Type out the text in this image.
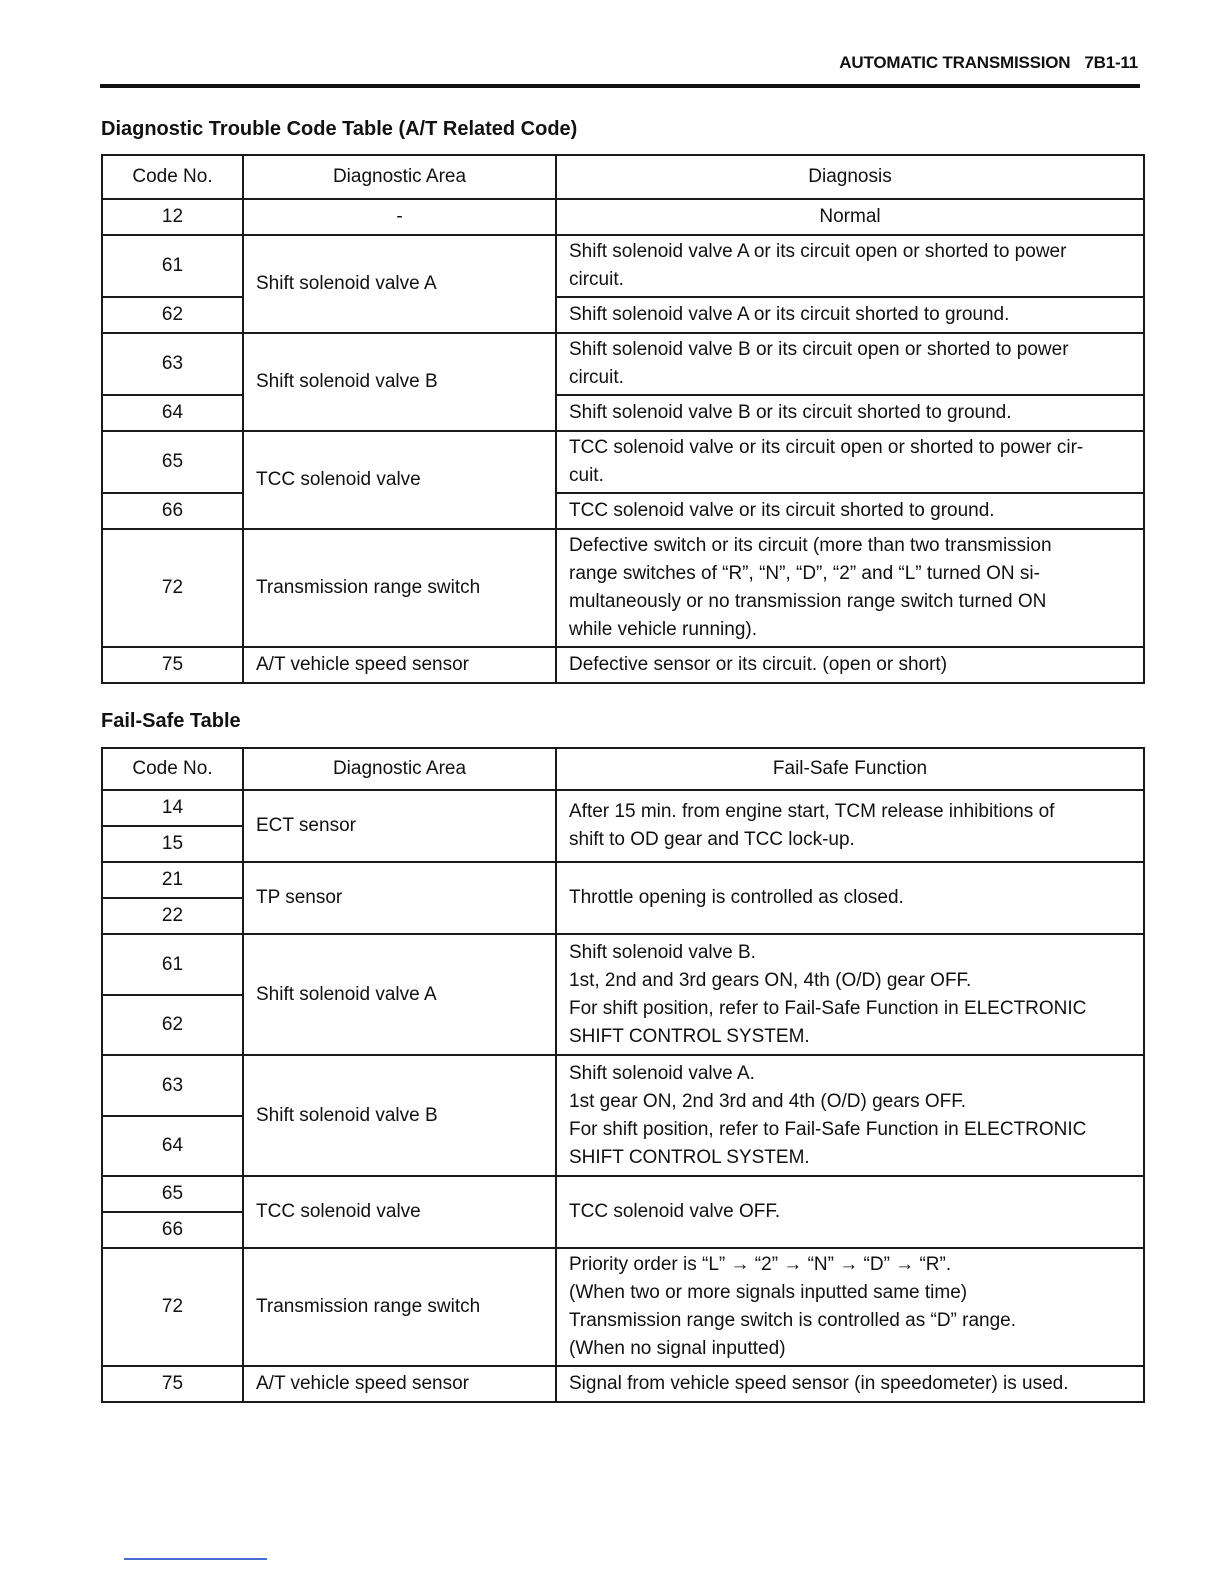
AUTOMATIC TRANSMISSION 7B1-11
Diagnostic Trouble Code Table (A/T Related Code)
Code No.	Diagnostic Area	Diagnosis
12	-	Normal

61	Shift solenoid valve A	Shift solenoid valve A or its circuit open or shorted to power
circuit.

62		Shift solenoid valve A or its circuit shorted to ground.

63	Shift solenoid valve B	Shift solenoid valve B or its circuit open or shorted to power
circuit.

64		Shift solenoid valve B or its circuit shorted to ground.

65	TCC solenoid valve	TCC solenoid valve or its circuit open or shorted to power cir-
cuit.

66		TCC solenoid valve or its circuit shorted to ground.

72	Transmission range switch	Defective switch or its circuit (more than two transmission
range switches of “R”, “N”, “D”, “2” and “L” turned ON si-
multaneously or no transmission range switch turned ON
while vehicle running).

75	A/T vehicle speed sensor	Defective sensor or its circuit. (open or short)
Fail-Safe Table
Code No.	Diagnostic Area	Fail-Safe Function
14	ECT sensor	After 15 min. from engine start, TCM release inhibitions of
shift to OD gear and TCC lock-up.

15		
21	TP sensor	Throttle opening is controlled as closed.

22		
61	Shift solenoid valve A	Shift solenoid valve B.
1st, 2nd and 3rd gears ON, 4th (O/D) gear OFF.
For shift position, refer to Fail-Safe Function in ELECTRONIC
SHIFT CONTROL SYSTEM.

62		
63	Shift solenoid valve B	Shift solenoid valve A.
1st gear ON, 2nd 3rd and 4th (O/D) gears OFF.
For shift position, refer to Fail-Safe Function in ELECTRONIC
SHIFT CONTROL SYSTEM.

64		
65	TCC solenoid valve	TCC solenoid valve OFF.

66		
72	Transmission range switch	Priority order is “L” → “2” → “N” → “D” → “R”.
(When two or more signals inputted same time)
Transmission range switch is controlled as “D” range.
(When no signal inputted)

75	A/T vehicle speed sensor	Signal from vehicle speed sensor (in speedometer) is used.
